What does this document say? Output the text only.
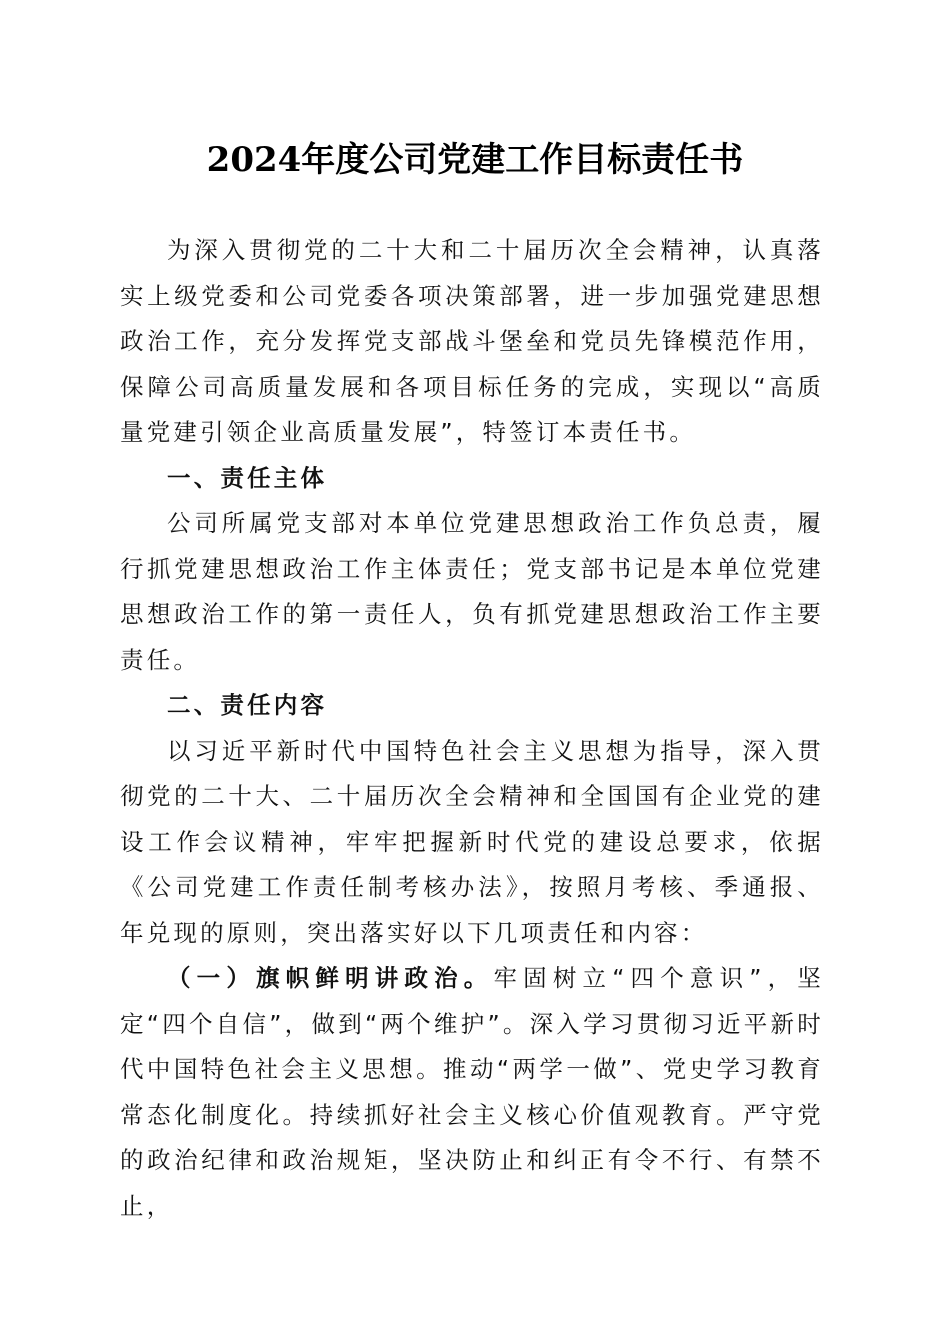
2024年度公司党建工作目标责任书

为深入贯彻党的二十大和二十届历次全会精神，认真落实上级党委和公司党委各项决策部署，进一步加强党建思想政治工作，充分发挥党支部战斗堡垒和党员先锋模范作用，保障公司高质量发展和各项目标任务的完成，实现以“高质量党建引领企业高质量发展”，特签订本责任书。

一、责任主体

公司所属党支部对本单位党建思想政治工作负总责，履行抓党建思想政治工作主体责任；党支部书记是本单位党建思想政治工作的第一责任人，负有抓党建思想政治工作主要责任。

二、责任内容

以习近平新时代中国特色社会主义思想为指导，深入贯彻党的二十大、二十届历次全会精神和全国国有企业党的建设工作会议精神，牢牢把握新时代党的建设总要求，依据《公司党建工作责任制考核办法》，按照月考核、季通报、年兑现的原则，突出落实好以下几项责任和内容：

（一）旗帜鲜明讲政治。牢固树立“四个意识”，坚定“四个自信”，做到“两个维护”。深入学习贯彻习近平新时代中国特色社会主义思想。推动“两学一做”、党史学习教育常态化制度化。持续抓好社会主义核心价值观教育。严守党的政治纪律和政治规矩，坚决防止和纠正有令不行、有禁不止，
